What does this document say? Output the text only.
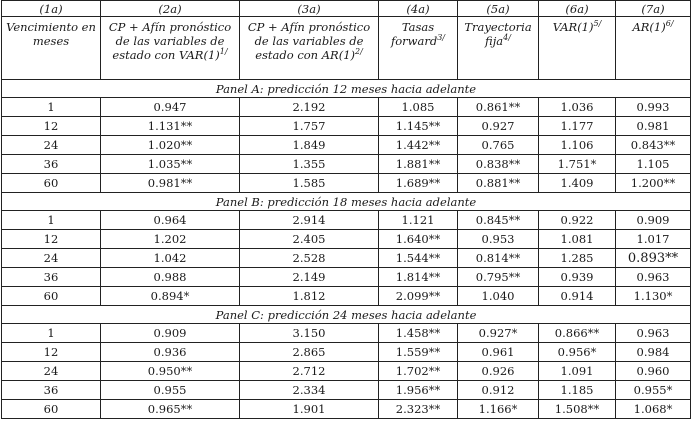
(1a)	(2a)	(3a)	(4a)	(5a)	(6a)	(7a)
Vencimiento en meses	CP + Afín pronóstico de las variables de estado con $VAR(1)^{1/}$	CP + Afín pronóstico de las variables de estado con $AR(1)^{2/}$	Tasas forward$^{3/}$	Trayectoria fija$^{4/}$	$VAR(1)^{5/}$	$AR(1)^{6/}$
Panel A: predicción 12 meses hacia adelante						
1	0.947	2.192	1.085	0.861**	1.036	0.993
12	1.131**	1.757	1.145**	0.927	1.177	0.981
24	1.020**	1.849	1.442**	0.765	1.106	0.843**
36	1.035**	1.355	1.881**	0.838**	1.751*	1.105
60	0.981**	1.585	1.689**	0.881**	1.409	1.200**
Panel B: predicción 18 meses hacia adelante						
1	0.964	2.914	1.121	0.845**	0.922	0.909
12	1.202	2.405	1.640**	0.953	1.081	1.017
24	1.042	2.528	1.544**	0.814**	1.285	0.893**
36	0.988	2.149	1.814**	0.795**	0.939	0.963
60	0.894*	1.812	2.099**	1.040	0.914	1.130*
Panel C: predicción 24 meses hacia adelante						
1	0.909	3.150	1.458**	0.927*	0.866**	0.963
12	0.936	2.865	1.559**	0.961	0.956*	0.984
24	0.950**	2.712	1.702**	0.926	1.091	0.960
36	0.955	2.334	1.956**	0.912	1.185	0.955*
60	0.965**	1.901	2.323**	1.166*	1.508**	1.068*
